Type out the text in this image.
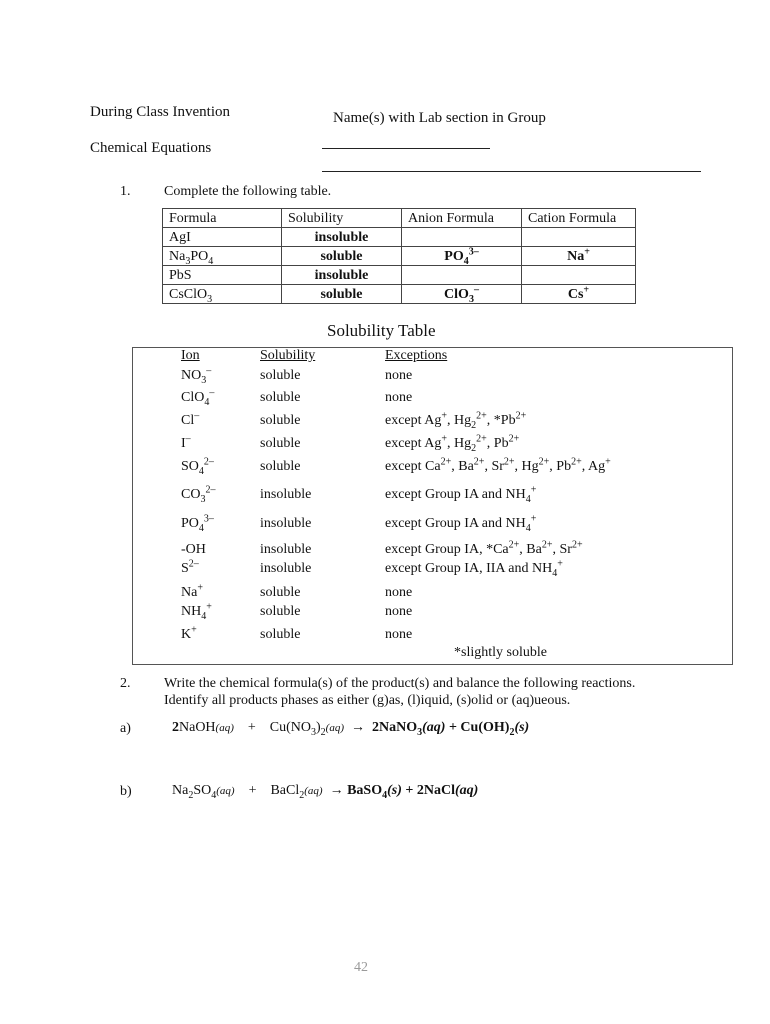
During Class Invention
Chemical Equations
Name(s) with Lab section in Group
1. Complete the following table.
Formula	Solubility	Anion Formula	Cation Formula
AgI	insoluble		
$Na_3PO_4$	soluble	$PO_4^{3-}$	Na+
PbS	insoluble		
CsClO$_3$	soluble	ClO$_3$–	Cs+
Solubility Table
Ion	Solubility	Exceptions
$NO_3^-$	soluble	none
ClO$_4$–	soluble	none
Cl–	soluble	except Ag+, $Hg_2^{2+}$, $*Pb^{2+}$
I–	soluble	except Ag+, $Hg_2^{2+}$, $Pb^{2+}$
$SO_4^{2-}$	soluble	except $Ca^{2+}$, $Ba^{2+}$, $Sr^{2+}$, $Hg^{2+}$, $Pb^{2+}$, Ag+
$CO_3^{2-}$	insoluble	except Group IA and $NH_4^+$
$PO_4^{3-}$	insoluble	except Group IA and $NH_4^+$
-OH	insoluble	except Group IA, $*Ca^{2+}$, $Ba^{2+}$, $Sr^{2+}$
$S^{2-}$	insoluble	except Group IA, IIA and $NH_4^+$
Na+	soluble	none
$NH_4^+$	soluble	none
K+	soluble	none
*slightly soluble
2. Write the chemical formula(s) of the product(s) and balance the following reactions.
Identify all products phases as either (g)as, (l)iquid, (s)olid or (aq)ueous.
a)	2NaOH(aq)    +    $Cu(NO_3)_2(aq)$  →  2NaNO$_3$(aq) + $Cu(OH)_2(s)$
b)	$Na_2SO_4(aq)$    +    BaCl$_2$(aq)  → BaSO$_4$(s) + 2NaCl(aq)
42
